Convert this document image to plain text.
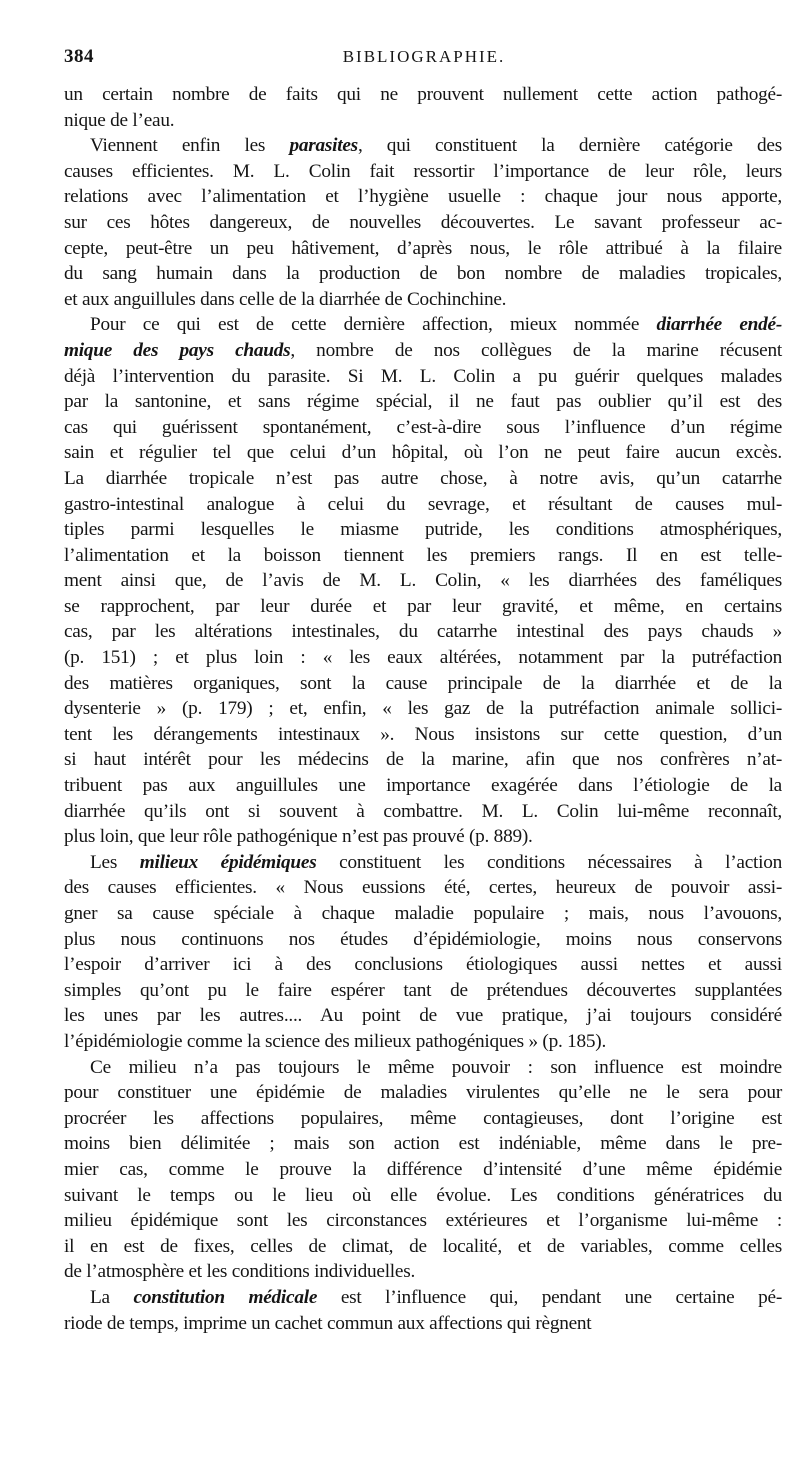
384	BIBLIOGRAPHIE.

un certain nombre de faits qui ne prouvent nullement cette action pathogé-
nique de l’eau.

Viennent enfin les parasites, qui constituent la dernière catégorie des
causes efficientes. M. L. Colin fait ressortir l’importance de leur rôle, leurs
relations avec l’alimentation et l’hygiène usuelle : chaque jour nous apporte,
sur ces hôtes dangereux, de nouvelles découvertes. Le savant professeur ac-
cepte, peut-être un peu hâtivement, d’après nous, le rôle attribué à la filaire
du sang humain dans la production de bon nombre de maladies tropicales,
et aux anguillules dans celle de la diarrhée de Cochinchine.

Pour ce qui est de cette dernière affection, mieux nommée diarrhée endé-
mique des pays chauds, nombre de nos collègues de la marine récusent
déjà l’intervention du parasite. Si M. L. Colin a pu guérir quelques malades
par la santonine, et sans régime spécial, il ne faut pas oublier qu’il est des
cas qui guérissent spontanément, c’est-à-dire sous l’influence d’un régime
sain et régulier tel que celui d’un hôpital, où l’on ne peut faire aucun excès.
La diarrhée tropicale n’est pas autre chose, à notre avis, qu’un catarrhe
gastro-intestinal analogue à celui du sevrage, et résultant de causes mul-
tiples parmi lesquelles le miasme putride, les conditions atmosphériques,
l’alimentation et la boisson tiennent les premiers rangs. Il en est telle-
ment ainsi que, de l’avis de M. L. Colin, « les diarrhées des faméliques
se rapprochent, par leur durée et par leur gravité, et même, en certains
cas, par les altérations intestinales, du catarrhe intestinal des pays chauds »
(p. 151) ; et plus loin : « les eaux altérées, notamment par la putréfaction
des matières organiques, sont la cause principale de la diarrhée et de la
dysenterie » (p. 179) ; et, enfin, « les gaz de la putréfaction animale sollici-
tent les dérangements intestinaux ». Nous insistons sur cette question, d’un
si haut intérêt pour les médecins de la marine, afin que nos confrères n’at-
tribuent pas aux anguillules une importance exagérée dans l’étiologie de la
diarrhée qu’ils ont si souvent à combattre. M. L. Colin lui-même reconnaît,
plus loin, que leur rôle pathogénique n’est pas prouvé (p. 889).

Les milieux épidémiques constituent les conditions nécessaires à l’action
des causes efficientes. « Nous eussions été, certes, heureux de pouvoir assi-
gner sa cause spéciale à chaque maladie populaire ; mais, nous l’avouons,
plus nous continuons nos études d’épidémiologie, moins nous conservons
l’espoir d’arriver ici à des conclusions étiologiques aussi nettes et aussi
simples qu’ont pu le faire espérer tant de prétendues découvertes supplantées
les unes par les autres.... Au point de vue pratique, j’ai toujours considéré
l’épidémiologie comme la science des milieux pathogéniques » (p. 185).

Ce milieu n’a pas toujours le même pouvoir : son influence est moindre
pour constituer une épidémie de maladies virulentes qu’elle ne le sera pour
procréer les affections populaires, même contagieuses, dont l’origine est
moins bien délimitée ; mais son action est indéniable, même dans le pre-
mier cas, comme le prouve la différence d’intensité d’une même épidémie
suivant le temps ou le lieu où elle évolue. Les conditions génératrices du
milieu épidémique sont les circonstances extérieures et l’organisme lui-même :
il en est de fixes, celles de climat, de localité, et de variables, comme celles
de l’atmosphère et les conditions individuelles.

La constitution médicale est l’influence qui, pendant une certaine pé-
riode de temps, imprime un cachet commun aux affections qui règnent
